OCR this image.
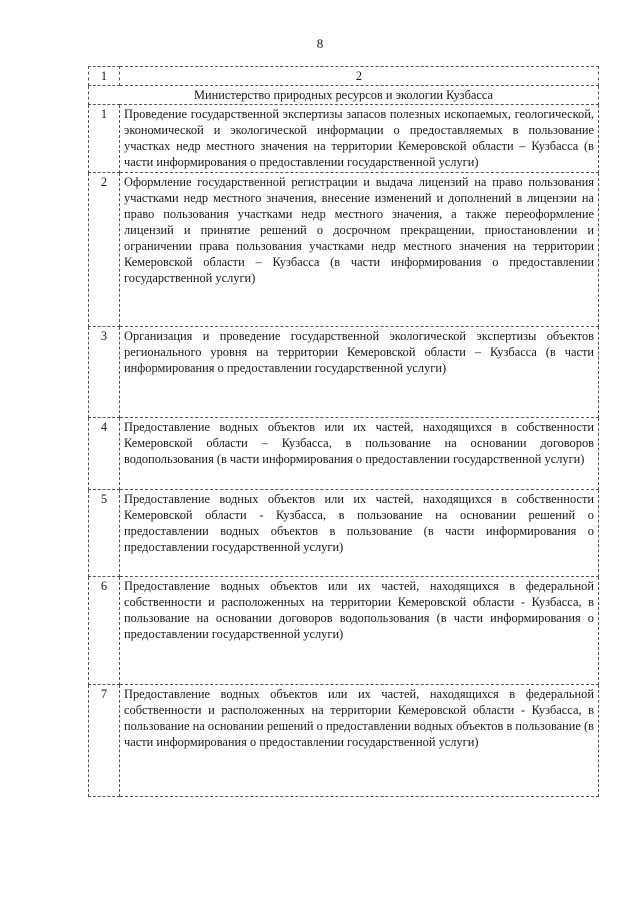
8
1	2
Министерство природных ресурсов и экологии Кузбасса	
1	Проведение государственной экспертизы запасов полезных ископаемых, геологической, экономической и экологической информации о предоставляемых в пользование участках недр местного значения на территории Кемеровской области – Кузбасса (в части информирования о предоставлении государственной услуги)
2	Оформление государственной регистрации и выдача лицензий на право пользования участками недр местного значения, внесение изменений и дополнений в лицензии на право пользования участками недр местного значения, а также переоформление лицензий и принятие решений о досрочном прекращении, приостановлении и ограничении права пользования участками недр местного значения на территории Кемеровской области – Кузбасса (в части информирования о предоставлении государственной услуги)
3	Организация и проведение государственной экологической экспертизы объектов регионального уровня на территории Кемеровской области – Кузбасса (в части информирования о предоставлении государственной услуги)
4	Предоставление водных объектов или их частей, находящихся в собственности Кемеровской области – Кузбасса, в пользование на основании договоров водопользования (в части информирования о предоставлении государственной услуги)
5	Предоставление водных объектов или их частей, находящихся в собственности Кемеровской области - Кузбасса, в пользование на основании решений о предоставлении водных объектов в пользование (в части информирования о предоставлении государственной услуги)
6	Предоставление водных объектов или их частей, находящихся в федеральной собственности и расположенных на территории Кемеровской области - Кузбасса, в пользование на основании договоров водопользования (в части информирования о предоставлении государственной услуги)
7	Предоставление водных объектов или их частей, находящихся в федеральной собственности и расположенных на территории Кемеровской области - Кузбасса, в пользование на основании решений о предоставлении водных объектов в пользование (в части информирования о предоставлении государственной услуги)
